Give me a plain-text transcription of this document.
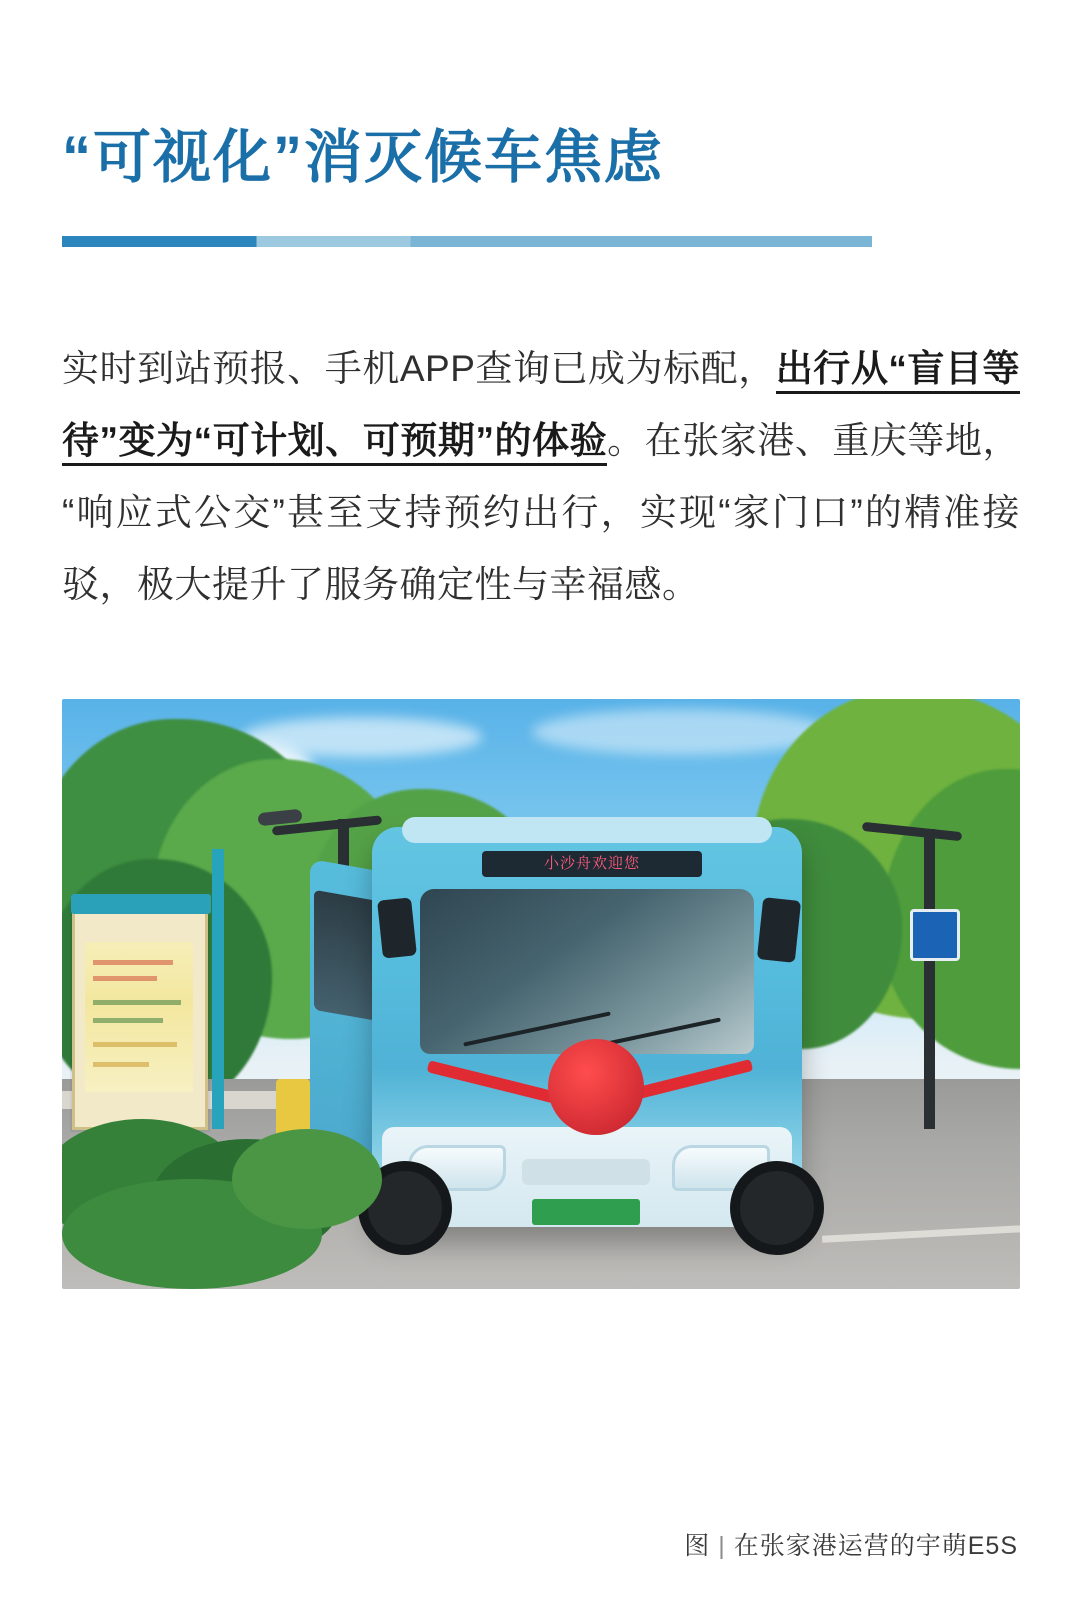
“可视化”消灭候车焦虑

实时到站预报、手机APP查询已成为标配，出行从“盲目等待”变为“可计划、可预期”的体验。在张家港、重庆等地，“响应式公交”甚至支持预约出行，实现“家门口”的精准接驳，极大提升了服务确定性与幸福感。

小沙舟欢迎您
图 | 在张家港运营的宇萌E5S
